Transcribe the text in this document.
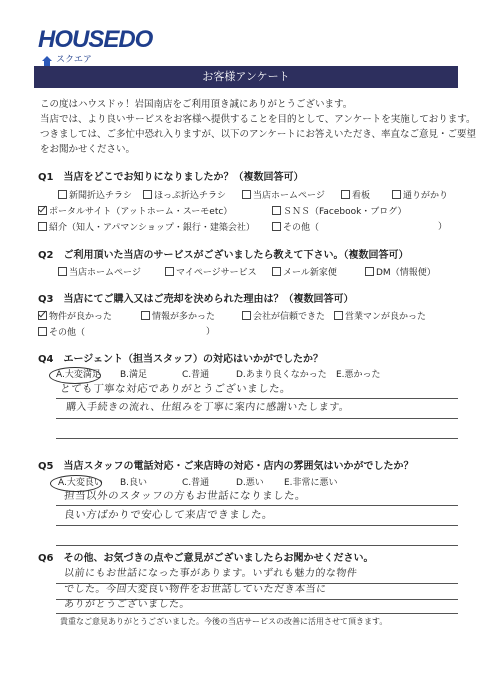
HOUSEDO
スクエア
お客様アンケート
この度はハウスドゥ！岩国南店をご利用頂き誠にありがとうございます。
当店では、より良いサービスをお客様へ提供することを目的として、アンケートを実施しております。
つきましては、ご多忙中恐れ入りますが、以下のアンケートにお答えいただき、率直なご意見・ご要望
をお聞かせください。
Q1　当店をどこでお知りになりましたか？（複数回答可）
新聞折込チラシ	ほっぷ折込チラシ	当店ホームページ	看板	通りがかり
ポータルサイト（アットホーム・スーモetc）	ＳＮＳ（Facebook・ブログ）
紹介（知人・アパマンショップ・銀行・建築会社）	その他（	）
Q2　ご利用頂いた当店のサービスがございましたら教えて下さい。（複数回答可）
当店ホームページ	マイページサービス	メール新家便	DM（情報便）
Q3　当店にてご購入又はご売却を決められた理由は？（複数回答可）
物件が良かった	情報が多かった	会社が信頼できた	営業マンが良かった
その他（	）
Q4　エージェント（担当スタッフ）の対応はいかがでしたか？
A.大変満足 B.満足	C.普通	D.あまり良くなかった E.悪かった
とても丁寧な対応でありがとうございました。
購入手続きの流れ、仕組みを丁寧に案内に感謝いたします。
Q5　当店スタッフの電話対応・ご来店時の対応・店内の雰囲気はいかがでしたか？
A.大変良い B.良い	C.普通	D.悪い E.非常に悪い
担当以外のスタッフの方もお世話になりました。
良い方ばかりで安心して来店できました。
Q6　その他、お気づきの点やご意見がございましたらお聞かせください。
以前にもお世話になった事があります。いずれも魅力的な物件
でした。今回大変良い物件をお世話していただき本当に
ありがとうございました。
貴重なご意見ありがとうございました。今後の当店サービスの改善に活用させて頂きます。
